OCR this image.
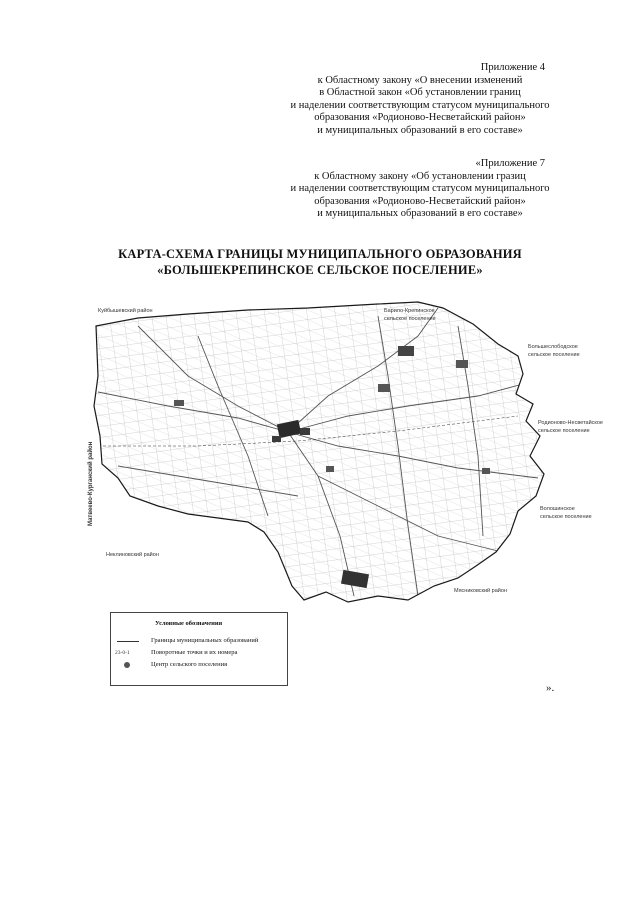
Приложение 4
к Областному закону «О внесении изменений
в Областной закон «Об установлении границ
и наделении соответствующим статусом муниципального
образования «Родионово-Несветайский район»
и муниципальных образований в его составе»
«Приложение 7
к Областному закону «Об установлении гразиц
и наделении соответствующим статусом муниципального
образования «Родионово-Несветайский район»
и муниципальных образований в его составе»
КАРТА-СХЕМА ГРАНИЦЫ МУНИЦИПАЛЬНОГО ОБРАЗОВАНИЯ
«БОЛЬШЕКРЕПИНСКОЕ СЕЛЬСКОЕ ПОСЕЛЕНИЕ»
Куйбышевский район
Матвеево-Курганский район
Неклиновский район
Мясниковский район
Барило-Крепинское
сельское поселение
Большеслободское
сельское поселение
Родионово-Несветайское
сельское поселение
Волошинское
сельское поселение
Условные обозначения
Границы муниципальных образований
23-0-1	Поворотные точки и их номера
Центр сельского поселения
».
